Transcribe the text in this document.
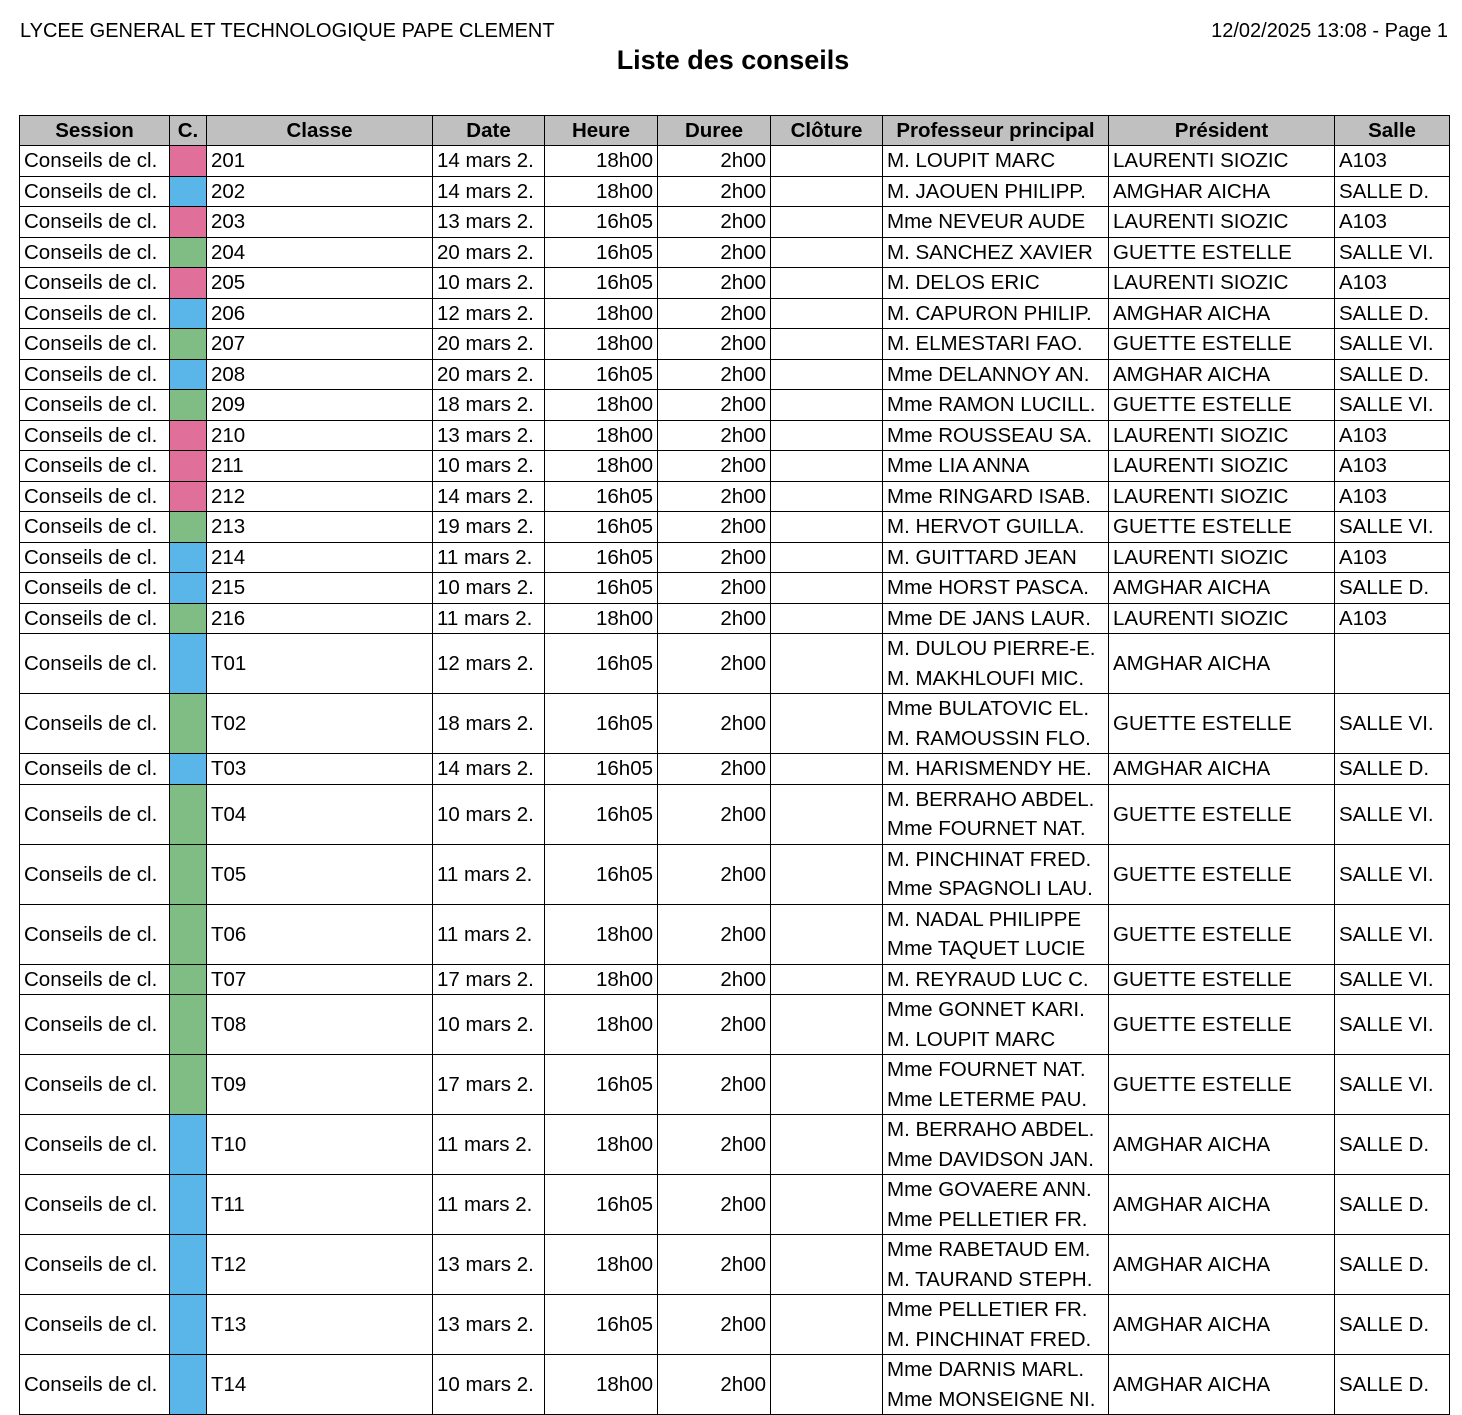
LYCEE GENERAL ET TECHNOLOGIQUE PAPE CLEMENT	12/02/2025 13:08 - Page 1
Liste des conseils
Session	C.	Classe	Date	Heure	Duree	Clôture	Professeur principal	Président	Salle
Conseils de cl.		201	14 mars 2.	18h00	2h00		M. LOUPIT MARC	LAURENTI SIOZIC	A103
Conseils de cl.		202	14 mars 2.	18h00	2h00		M. JAOUEN PHILIPP.	AMGHAR AICHA	SALLE D.
Conseils de cl.		203	13 mars 2.	16h05	2h00		Mme NEVEUR AUDE	LAURENTI SIOZIC	A103
Conseils de cl.		204	20 mars 2.	16h05	2h00		M. SANCHEZ XAVIER	GUETTE ESTELLE	SALLE VI.
Conseils de cl.		205	10 mars 2.	16h05	2h00		M. DELOS ERIC	LAURENTI SIOZIC	A103
Conseils de cl.		206	12 mars 2.	18h00	2h00		M. CAPURON PHILIP.	AMGHAR AICHA	SALLE D.
Conseils de cl.		207	20 mars 2.	18h00	2h00		M. ELMESTARI FAO.	GUETTE ESTELLE	SALLE VI.
Conseils de cl.		208	20 mars 2.	16h05	2h00		Mme DELANNOY AN.	AMGHAR AICHA	SALLE D.
Conseils de cl.		209	18 mars 2.	18h00	2h00		Mme RAMON LUCILL.	GUETTE ESTELLE	SALLE VI.
Conseils de cl.		210	13 mars 2.	18h00	2h00		Mme ROUSSEAU SA.	LAURENTI SIOZIC	A103
Conseils de cl.		211	10 mars 2.	18h00	2h00		Mme LIA ANNA	LAURENTI SIOZIC	A103
Conseils de cl.		212	14 mars 2.	16h05	2h00		Mme RINGARD ISAB.	LAURENTI SIOZIC	A103
Conseils de cl.		213	19 mars 2.	16h05	2h00		M. HERVOT GUILLA.	GUETTE ESTELLE	SALLE VI.
Conseils de cl.		214	11 mars 2.	16h05	2h00		M. GUITTARD JEAN	LAURENTI SIOZIC	A103
Conseils de cl.		215	10 mars 2.	16h05	2h00		Mme HORST PASCA.	AMGHAR AICHA	SALLE D.
Conseils de cl.		216	11 mars 2.	18h00	2h00		Mme DE JANS LAUR.	LAURENTI SIOZIC	A103
Conseils de cl.		T01	12 mars 2.	16h05	2h00		M. DULOU PIERRE-E.
M. MAKHLOUFI MIC.	AMGHAR AICHA	
Conseils de cl.		T02	18 mars 2.	16h05	2h00		Mme BULATOVIC EL.
M. RAMOUSSIN FLO.	GUETTE ESTELLE	SALLE VI.
Conseils de cl.		T03	14 mars 2.	16h05	2h00		M. HARISMENDY HE.	AMGHAR AICHA	SALLE D.
Conseils de cl.		T04	10 mars 2.	16h05	2h00		M. BERRAHO ABDEL.
Mme FOURNET NAT.	GUETTE ESTELLE	SALLE VI.
Conseils de cl.		T05	11 mars 2.	16h05	2h00		M. PINCHINAT FRED.
Mme SPAGNOLI LAU.	GUETTE ESTELLE	SALLE VI.
Conseils de cl.		T06	11 mars 2.	18h00	2h00		M. NADAL PHILIPPE
Mme TAQUET LUCIE	GUETTE ESTELLE	SALLE VI.
Conseils de cl.		T07	17 mars 2.	18h00	2h00		M. REYRAUD LUC C.	GUETTE ESTELLE	SALLE VI.
Conseils de cl.		T08	10 mars 2.	18h00	2h00		Mme GONNET KARI.
M. LOUPIT MARC	GUETTE ESTELLE	SALLE VI.
Conseils de cl.		T09	17 mars 2.	16h05	2h00		Mme FOURNET NAT.
Mme LETERME PAU.	GUETTE ESTELLE	SALLE VI.
Conseils de cl.		T10	11 mars 2.	18h00	2h00		M. BERRAHO ABDEL.
Mme DAVIDSON JAN.	AMGHAR AICHA	SALLE D.
Conseils de cl.		T11	11 mars 2.	16h05	2h00		Mme GOVAERE ANN.
Mme PELLETIER FR.	AMGHAR AICHA	SALLE D.
Conseils de cl.		T12	13 mars 2.	18h00	2h00		Mme RABETAUD EM.
M. TAURAND STEPH.	AMGHAR AICHA	SALLE D.
Conseils de cl.		T13	13 mars 2.	16h05	2h00		Mme PELLETIER FR.
M. PINCHINAT FRED.	AMGHAR AICHA	SALLE D.
Conseils de cl.		T14	10 mars 2.	18h00	2h00		Mme DARNIS MARL.
Mme MONSEIGNE NI.	AMGHAR AICHA	SALLE D.
